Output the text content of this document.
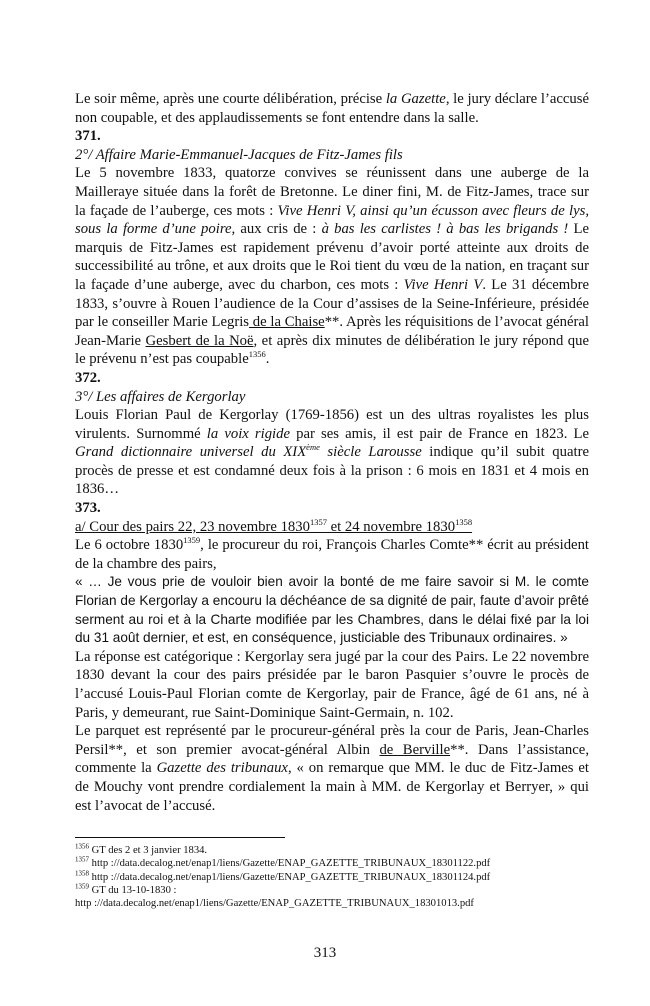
Le soir même, après une courte délibération, précise la Gazette, le jury déclare l’accusé non coupable, et des applaudissements se font entendre dans la salle.

371.

2°/ Affaire Marie-Emmanuel-Jacques de Fitz-James fils

Le 5 novembre 1833, quatorze convives se réunissent dans une auberge de la Mailleraye située dans la forêt de Bretonne. Le diner fini, M. de Fitz-James, trace sur la façade de l’auberge, ces mots : Vive Henri V, ainsi qu’un écusson avec fleurs de lys, sous la forme d’une poire, aux cris de : à bas les carlistes ! à bas les brigands ! Le marquis de Fitz-James est rapidement prévenu d’avoir porté atteinte aux droits de successibilité au trône, et aux droits que le Roi tient du vœu de la nation, en traçant sur la façade d’une auberge, avec du charbon, ces mots : Vive Henri V. Le 31 décembre 1833, s’ouvre à Rouen l’audience de la Cour d’assises de la Seine-Inférieure, présidée par le conseiller Marie Legris de la Chaise**. Après les réquisitions de l’avocat général Jean-Marie Gesbert de la Noë, et après dix minutes de délibération le jury répond que le prévenu n’est pas coupable$^{1356}$.

372.

3°/ Les affaires de Kergorlay

Louis Florian Paul de Kergorlay (1769-1856) est un des ultras royalistes les plus virulents. Surnommé la voix rigide par ses amis, il est pair de France en 1823. Le Grand dictionnaire universel du XIXème siècle Larousse indique qu’il subit quatre procès de presse et est condamné deux fois à la prison : 6 mois en 1831 et 4 mois en 1836…

373.

a/ Cour des pairs 22, 23 novembre $1830^{1357}$ et 24 novembre $1830^{1358}$

Le 6 octobre $1830^{1359}$, le procureur du roi, François Charles Comte** écrit au président de la chambre des pairs,

« … Je vous prie de vouloir bien avoir la bonté de me faire savoir si M. le comte Florian de Kergorlay a encouru la déchéance de sa dignité de pair, faute d’avoir prêté serment au roi et à la Charte modifiée par les Chambres, dans le délai fixé par la loi du 31 août dernier, et est, en conséquence, justiciable des Tribunaux ordinaires. »

La réponse est catégorique : Kergorlay sera jugé par la cour des Pairs. Le 22 novembre 1830 devant la cour des pairs présidée par le baron Pasquier s’ouvre le procès de l’accusé Louis-Paul Florian comte de Kergorlay, pair de France, âgé de 61 ans, né à Paris, y demeurant, rue Saint-Dominique Saint-Germain, n. 102.

Le parquet est représenté par le procureur-général près la cour de Paris, Jean-Charles Persil**, et son premier avocat-général Albin de Berville**. Dans l’assistance, commente la Gazette des tribunaux, « on remarque que MM. le duc de Fitz-James et de Mouchy vont prendre cordialement la main à MM. de Kergorlay et Berryer, » qui est l’avocat de l’accusé.

$^{1356}$ GT des 2 et 3 janvier 1834.

$^{1357}$ http ://data.decalog.net/enap1/liens/Gazette/ENAP_GAZETTE_TRIBUNAUX_18301122.pdf

$^{1358}$ http ://data.decalog.net/enap1/liens/Gazette/ENAP_GAZETTE_TRIBUNAUX_18301124.pdf

$^{1359}$ GT du 13-10-1830 :

http ://data.decalog.net/enap1/liens/Gazette/ENAP_GAZETTE_TRIBUNAUX_18301013.pdf

313
